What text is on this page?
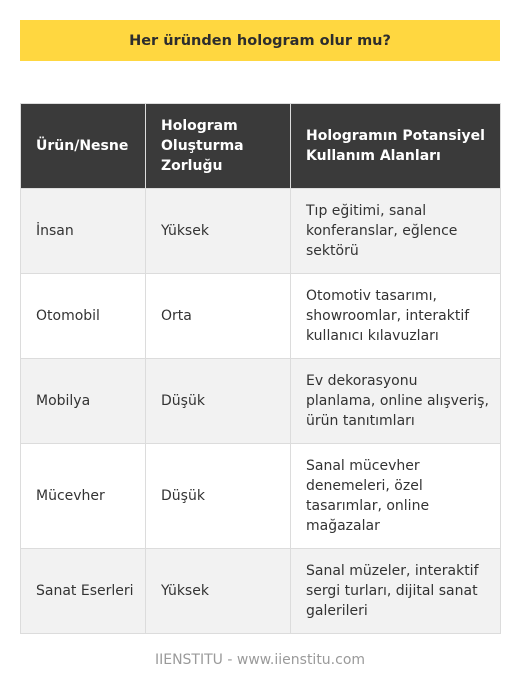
Her üründen hologram olur mu?
Ürün/Nesne	Hologram Oluşturma Zorluğu	Hologramın Potansiyel Kullanım Alanları
İnsan	Yüksek	Tıp eğitimi, sanal konferanslar, eğlence sektörü
Otomobil	Orta	Otomotiv tasarımı, showroomlar, interaktif kullanıcı kılavuzları
Mobilya	Düşük	Ev dekorasyonu planlama, online alışveriş, ürün tanıtımları
Mücevher	Düşük	Sanal mücevher denemeleri, özel tasarımlar, online mağazalar
Sanat Eserleri	Yüksek	Sanal müzeler, interaktif sergi turları, dijital sanat galerileri
IIENSTITU - www.iienstitu.com
